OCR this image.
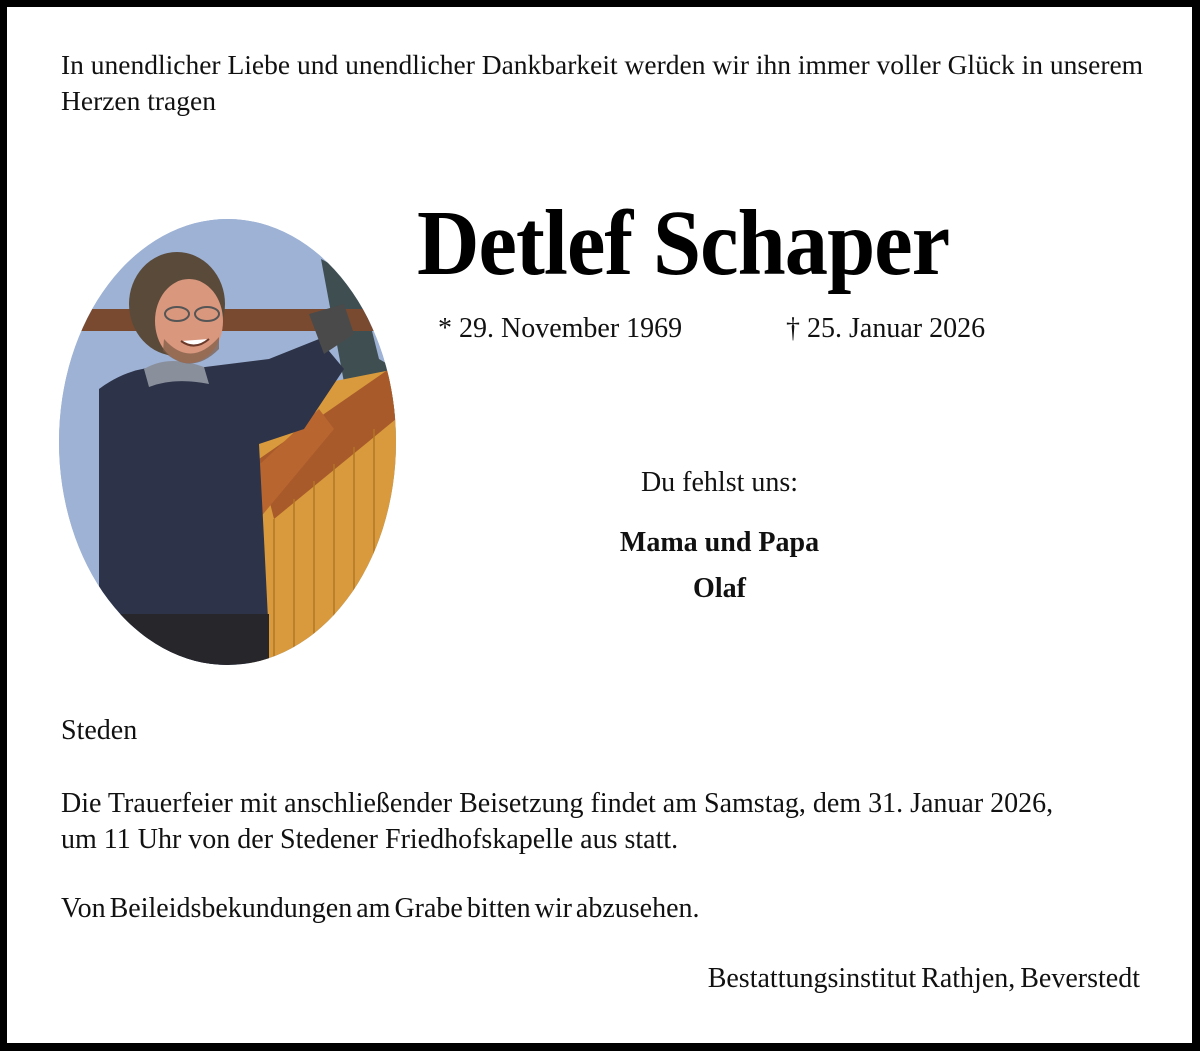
In unendlicher Liebe und unendlicher Dankbarkeit werden wir ihn immer voller Glück in unserem Herzen tragen
Detlef Schaper
* 29. November 1969	† 25. Januar 2026
Du fehlst uns:
Mama und Papa
Olaf
Steden
Die Trauerfeier mit anschließender Beisetzung findet am Samstag, dem 31. Januar 2026,
um 11 Uhr von der Stedener Friedhofskapelle aus statt.
Von Beileidsbekundungen am Grabe bitten wir abzusehen.
Bestattungsinstitut Rathjen, Beverstedt
